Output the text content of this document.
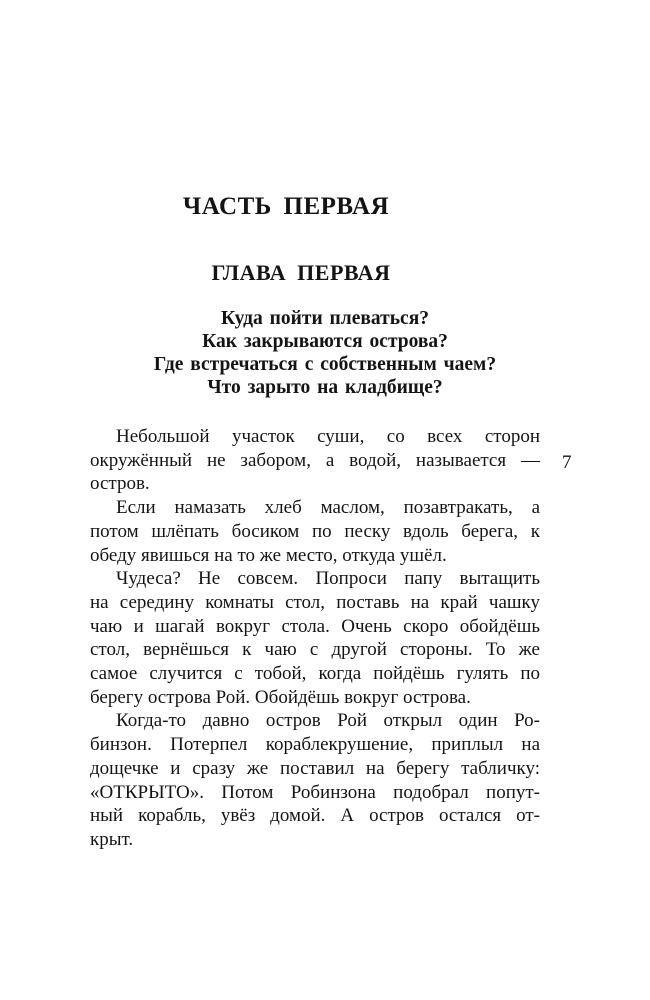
ЧАСТЬ ПЕРВАЯ
ГЛАВА ПЕРВАЯ
Куда пойти плеваться?
Как закрываются острова?
Где встречаться с собственным чаем?
Что зарыто на кладбище?

Небольшой участок суши, со всех сторон
окружённый не забором, а водой, называется —
остров.

Если намазать хлеб маслом, позавтракать, а
потом шлёпать босиком по песку вдоль берега, к
обеду явишься на то же место, откуда ушёл.

Чудеса? Не совсем. Попроси папу вытащить
на середину комнаты стол, поставь на край чашку
чаю и шагай вокруг стола. Очень скоро обойдёшь
стол, вернёшься к чаю с другой стороны. То же
самое случится с тобой, когда пойдёшь гулять по
берегу острова Рой. Обойдёшь вокруг острова.

Когда-то давно остров Рой открыл один Ро-
бинзон. Потерпел кораблекрушение, приплыл на
дощечке и сразу же поставил на берегу табличку:
«ОТКРЫТО». Потом Робинзона подобрал попут-
ный корабль, увёз домой. А остров остался от-
крыт.

7
